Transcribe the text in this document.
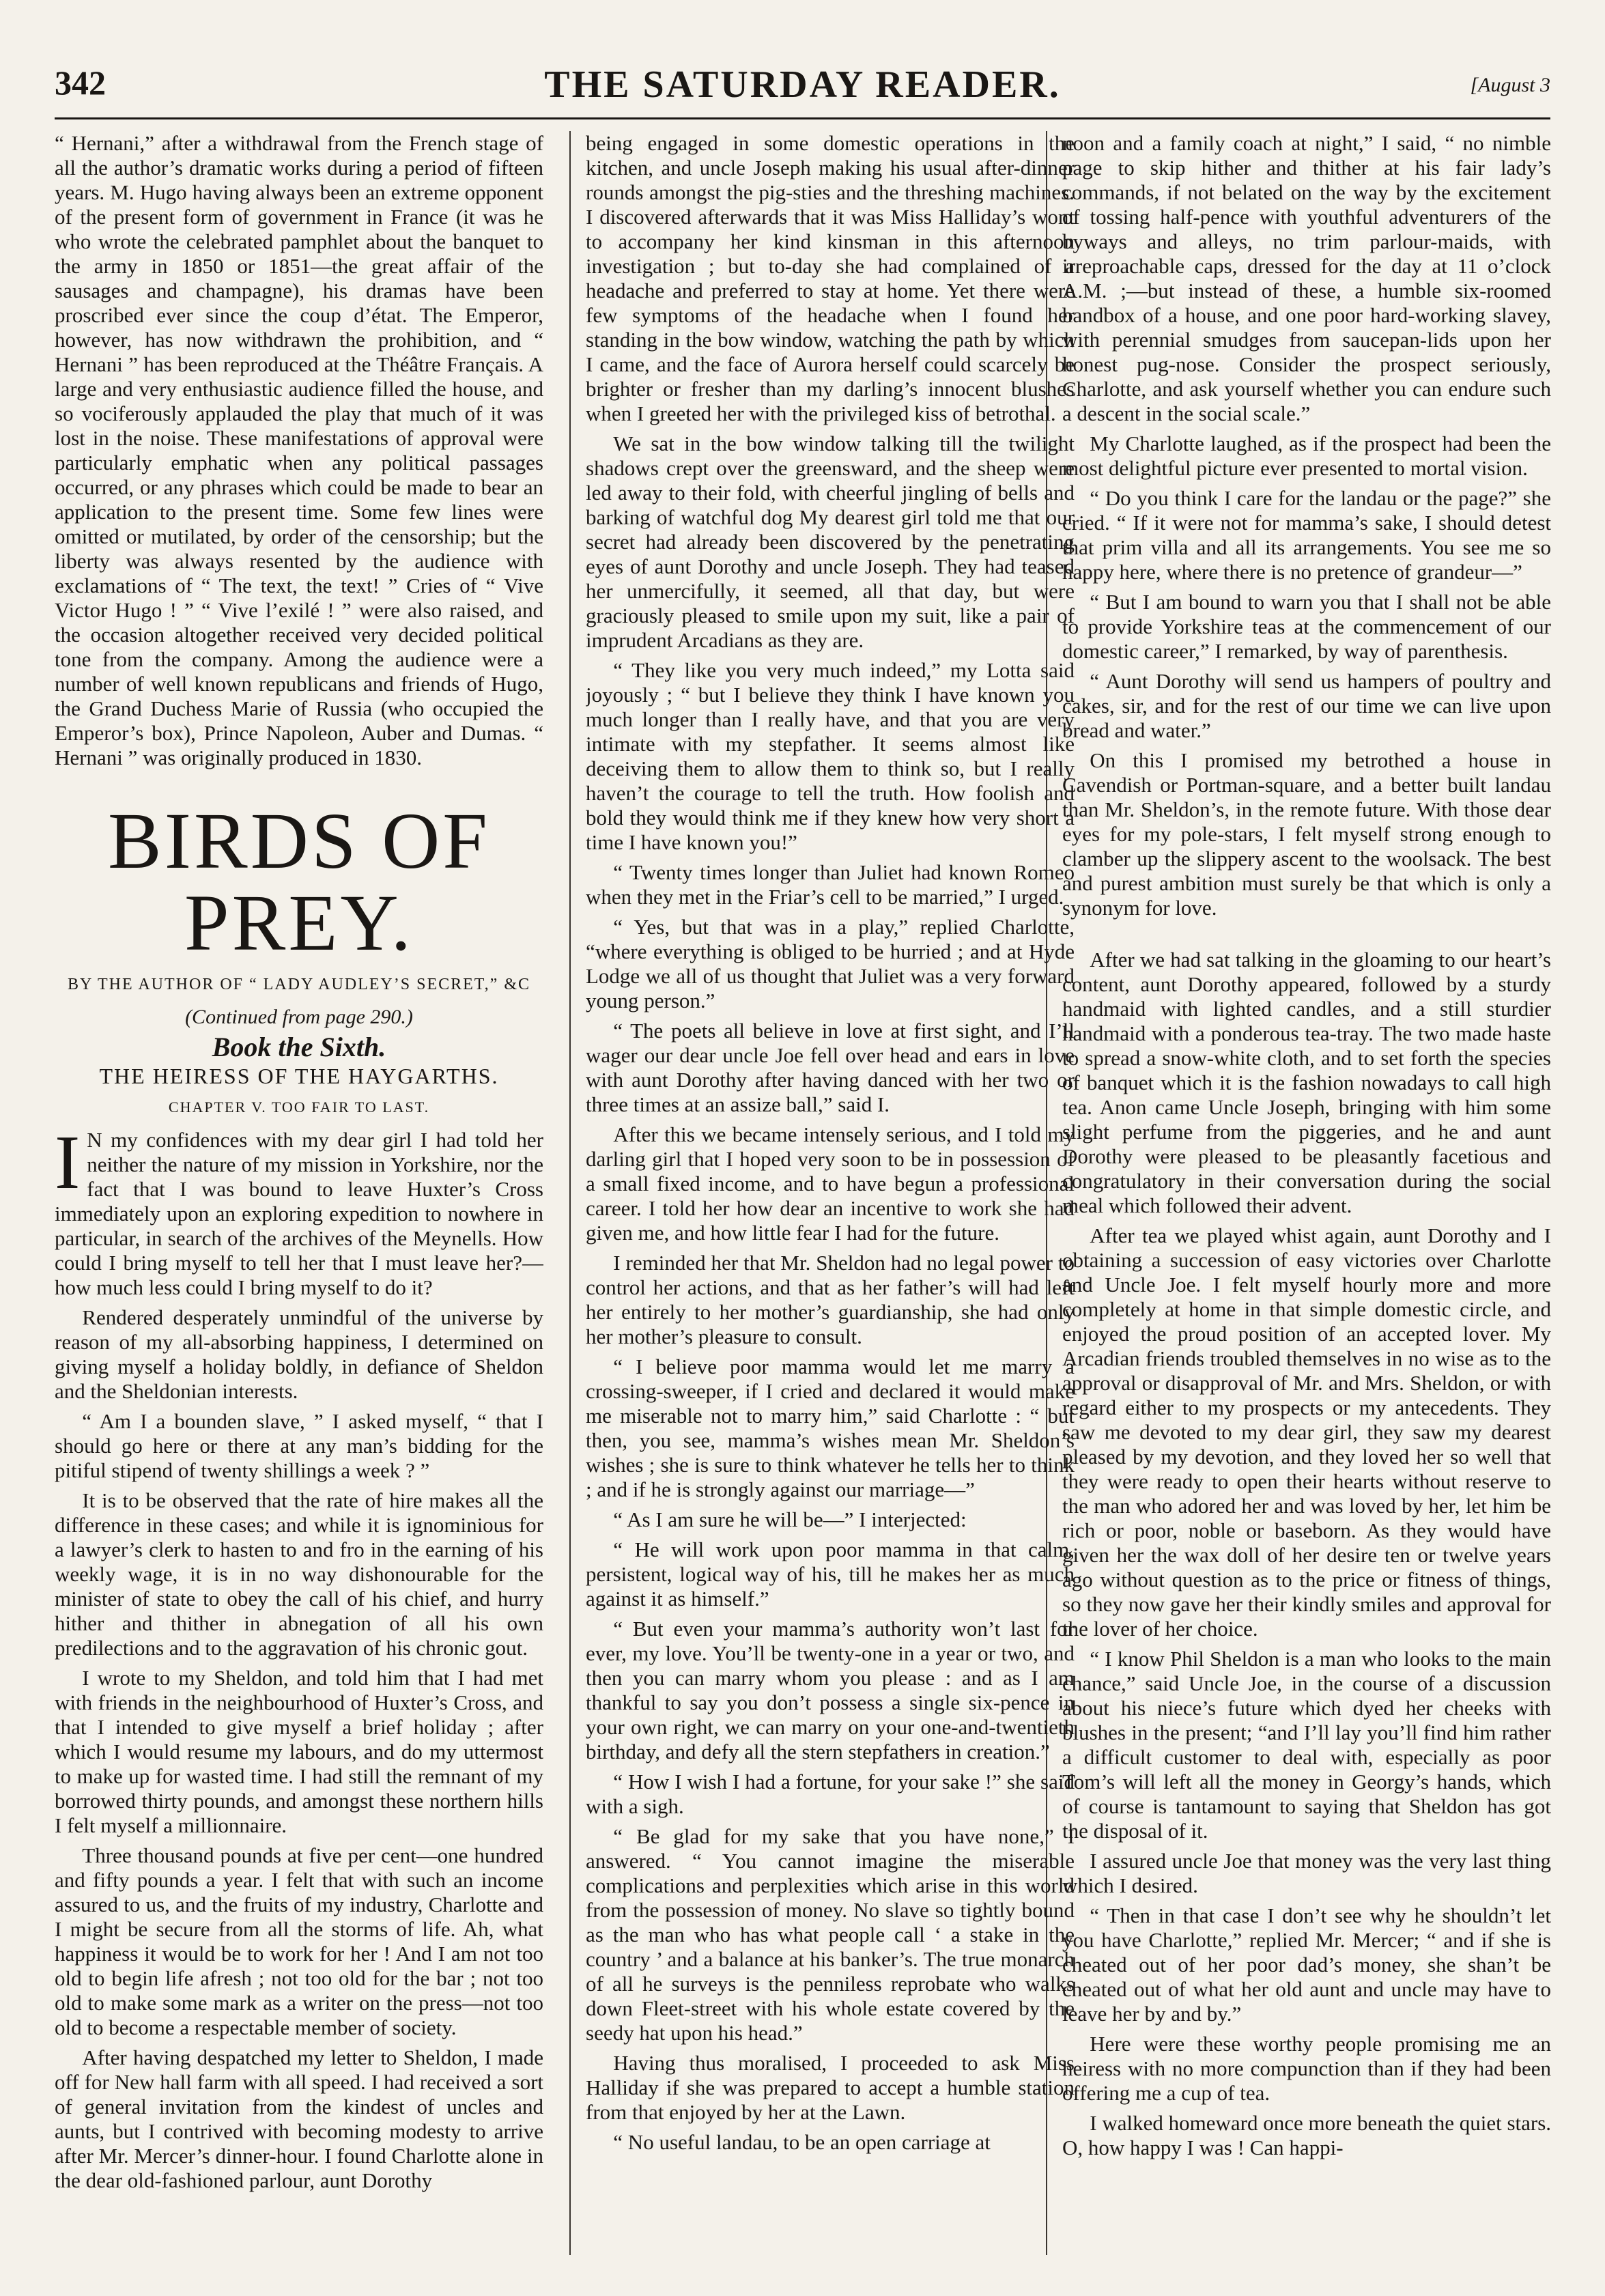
342	THE SATURDAY READER.	[August 3

“ Hernani,” after a withdrawal from the French stage of all the author’s dramatic works during a period of fifteen years. M. Hugo having always been an extreme opponent of the present form of government in France (it was he who wrote the celebrated pamphlet about the banquet to the army in 1850 or 1851—the great affair of the sausages and champagne), his dramas have been proscribed ever since the coup d’état. The Emperor, however, has now withdrawn the prohibition, and “ Hernani ” has been reproduced at the Théâtre Français. A large and very enthusiastic audience filled the house, and so vociferously applauded the play that much of it was lost in the noise. These manifestations of approval were particularly emphatic when any political passages occurred, or any phrases which could be made to bear an application to the present time. Some few lines were omitted or mutilated, by order of the censorship; but the liberty was always resented by the audience with exclamations of “ The text, the text! ” Cries of “ Vive Victor Hugo ! ” “ Vive l’exilé ! ” were also raised, and the occasion altogether received very decided political tone from the company. Among the audience were a number of well known republicans and friends of Hugo, the Grand Duchess Marie of Russia (who occupied the Emperor’s box), Prince Napoleon, Auber and Dumas. “ Hernani ” was originally produced in 1830.

BIRDS OF PREY.
BY THE AUTHOR OF “ LADY AUDLEY’S SECRET,” &C
(Continued from page 290.)
Book the Sixth.
THE HEIRESS OF THE HAYGARTHS.
CHAPTER V. TOO FAIR TO LAST.

I N my confidences with my dear girl I had told her neither the nature of my mission in Yorkshire, nor the fact that I was bound to leave Huxter’s Cross immediately upon an exploring expedition to nowhere in particular, in search of the archives of the Meynells. How could I bring myself to tell her that I must leave her?—how much less could I bring myself to do it?

Rendered desperately unmindful of the universe by reason of my all-absorbing happiness, I determined on giving myself a holiday boldly, in defiance of Sheldon and the Sheldonian interests.

“ Am I a bounden slave, ” I asked myself, “ that I should go here or there at any man’s bidding for the pitiful stipend of twenty shillings a week ? ”

It is to be observed that the rate of hire makes all the difference in these cases; and while it is ignominious for a lawyer’s clerk to hasten to and fro in the earning of his weekly wage, it is in no way dishonourable for the minister of state to obey the call of his chief, and hurry hither and thither in abnegation of all his own predilections and to the aggravation of his chronic gout.

I wrote to my Sheldon, and told him that I had met with friends in the neighbourhood of Huxter’s Cross, and that I intended to give myself a brief holiday ; after which I would resume my labours, and do my uttermost to make up for wasted time. I had still the remnant of my borrowed thirty pounds, and amongst these northern hills I felt myself a millionnaire.

Three thousand pounds at five per cent—one hundred and fifty pounds a year. I felt that with such an income assured to us, and the fruits of my industry, Charlotte and I might be secure from all the storms of life. Ah, what happiness it would be to work for her ! And I am not too old to begin life afresh ; not too old for the bar ; not too old to make some mark as a writer on the press—not too old to become a respectable member of society.

After having despatched my letter to Sheldon, I made off for New hall farm with all speed. I had received a sort of general invitation from the kindest of uncles and aunts, but I contrived with becoming modesty to arrive after Mr. Mercer’s dinner-hour. I found Charlotte alone in the dear old-fashioned parlour, aunt Dorothy

being engaged in some domestic operations in the kitchen, and uncle Joseph making his usual after-dinner rounds amongst the pig-sties and the threshing machines. I discovered afterwards that it was Miss Halliday’s wont to accompany her kind kinsman in this afternoon investigation ; but to-day she had complained of a headache and preferred to stay at home. Yet there were few symptoms of the headache when I found her standing in the bow window, watching the path by which I came, and the face of Aurora herself could scarcely be brighter or fresher than my darling’s innocent blushes when I greeted her with the privileged kiss of betrothal.

We sat in the bow window talking till the twilight shadows crept over the greensward, and the sheep were led away to their fold, with cheerful jingling of bells and barking of watchful dog My dearest girl told me that our secret had already been discovered by the penetrating eyes of aunt Dorothy and uncle Joseph. They had teased her unmercifully, it seemed, all that day, but were graciously pleased to smile upon my suit, like a pair of imprudent Arcadians as they are.

“ They like you very much indeed,” my Lotta said joyously ; “ but I believe they think I have known you much longer than I really have, and that you are very intimate with my stepfather. It seems almost like deceiving them to allow them to think so, but I really haven’t the courage to tell the truth. How foolish and bold they would think me if they knew how very short a time I have known you!”

“ Twenty times longer than Juliet had known Romeo when they met in the Friar’s cell to be married,” I urged.

“ Yes, but that was in a play,” replied Charlotte, “where everything is obliged to be hurried ; and at Hyde Lodge we all of us thought that Juliet was a very forward young person.”

“ The poets all believe in love at first sight, and I’ll wager our dear uncle Joe fell over head and ears in love with aunt Dorothy after having danced with her two or three times at an assize ball,” said I.

After this we became intensely serious, and I told my darling girl that I hoped very soon to be in possession of a small fixed income, and to have begun a professional career. I told her how dear an incentive to work she had given me, and how little fear I had for the future.

I reminded her that Mr. Sheldon had no legal power to control her actions, and that as her father’s will had left her entirely to her mother’s guardianship, she had only her mother’s pleasure to consult.

“ I believe poor mamma would let me marry a crossing-sweeper, if I cried and declared it would make me miserable not to marry him,” said Charlotte : “ but then, you see, mamma’s wishes mean Mr. Sheldon’s wishes ; she is sure to think whatever he tells her to think ; and if he is strongly against our marriage—”

“ As I am sure he will be—” I interjected:

“ He will work upon poor mamma in that calm, persistent, logical way of his, till he makes her as much against it as himself.”

“ But even your mamma’s authority won’t last for ever, my love. You’ll be twenty-one in a year or two, and then you can marry whom you please : and as I am thankful to say you don’t possess a single six-pence in your own right, we can marry on your one-and-twentieth birthday, and defy all the stern stepfathers in creation.”

“ How I wish I had a fortune, for your sake !” she said with a sigh.

“ Be glad for my sake that you have none,” I answered. “ You cannot imagine the miserable complications and perplexities which arise in this world from the possession of money. No slave so tightly bound as the man who has what people call ‘ a stake in the country ’ and a balance at his banker’s. The true monarch of all he surveys is the penniless reprobate who walks down Fleet-street with his whole estate covered by the seedy hat upon his head.”

Having thus moralised, I proceeded to ask Miss Halliday if she was prepared to accept a humble station from that enjoyed by her at the Lawn.

“ No useful landau, to be an open carriage at

noon and a family coach at night,” I said, “ no nimble page to skip hither and thither at his fair lady’s commands, if not belated on the way by the excitement of tossing half-pence with youthful adventurers of the byways and alleys, no trim parlour-maids, with irreproachable caps, dressed for the day at 11 o’clock A.M. ;—but instead of these, a humble six-roomed bandbox of a house, and one poor hard-working slavey, with perennial smudges from saucepan-lids upon her honest pug-nose. Consider the prospect seriously, Charlotte, and ask yourself whether you can endure such a descent in the social scale.”

My Charlotte laughed, as if the prospect had been the most delightful picture ever presented to mortal vision.

“ Do you think I care for the landau or the page?” she cried. “ If it were not for mamma’s sake, I should detest that prim villa and all its arrangements. You see me so happy here, where there is no pretence of grandeur—”

“ But I am bound to warn you that I shall not be able to provide Yorkshire teas at the commencement of our domestic career,” I remarked, by way of parenthesis.

“ Aunt Dorothy will send us hampers of poultry and cakes, sir, and for the rest of our time we can live upon bread and water.”

On this I promised my betrothed a house in Cavendish or Portman-square, and a better built landau than Mr. Sheldon’s, in the remote future. With those dear eyes for my pole-stars, I felt myself strong enough to clamber up the slippery ascent to the woolsack. The best and purest ambition must surely be that which is only a synonym for love.

After we had sat talking in the gloaming to our heart’s content, aunt Dorothy appeared, followed by a sturdy handmaid with lighted candles, and a still sturdier handmaid with a ponderous tea-tray. The two made haste to spread a snow-white cloth, and to set forth the species of banquet which it is the fashion nowadays to call high tea. Anon came Uncle Joseph, bringing with him some slight perfume from the piggeries, and he and aunt Dorothy were pleased to be pleasantly facetious and congratulatory in their conversation during the social meal which followed their advent.

After tea we played whist again, aunt Dorothy and I obtaining a succession of easy victories over Charlotte and Uncle Joe. I felt myself hourly more and more completely at home in that simple domestic circle, and enjoyed the proud position of an accepted lover. My Arcadian friends troubled themselves in no wise as to the approval or disapproval of Mr. and Mrs. Sheldon, or with regard either to my prospects or my antecedents. They saw me devoted to my dear girl, they saw my dearest pleased by my devotion, and they loved her so well that they were ready to open their hearts without reserve to the man who adored her and was loved by her, let him be rich or poor, noble or baseborn. As they would have given her the wax doll of her desire ten or twelve years ago without question as to the price or fitness of things, so they now gave her their kindly smiles and approval for the lover of her choice.

“ I know Phil Sheldon is a man who looks to the main chance,” said Uncle Joe, in the course of a discussion about his niece’s future which dyed her cheeks with blushes in the present; “and I’ll lay you’ll find him rather a difficult customer to deal with, especially as poor Tom’s will left all the money in Georgy’s hands, which of course is tantamount to saying that Sheldon has got the disposal of it.

I assured uncle Joe that money was the very last thing which I desired.

“ Then in that case I don’t see why he shouldn’t let you have Charlotte,” replied Mr. Mercer; “ and if she is cheated out of her poor dad’s money, she shan’t be cheated out of what her old aunt and uncle may have to leave her by and by.”

Here were these worthy people promising me an heiress with no more compunction than if they had been offering me a cup of tea.

I walked homeward once more beneath the quiet stars. O, how happy I was ! Can happi-
